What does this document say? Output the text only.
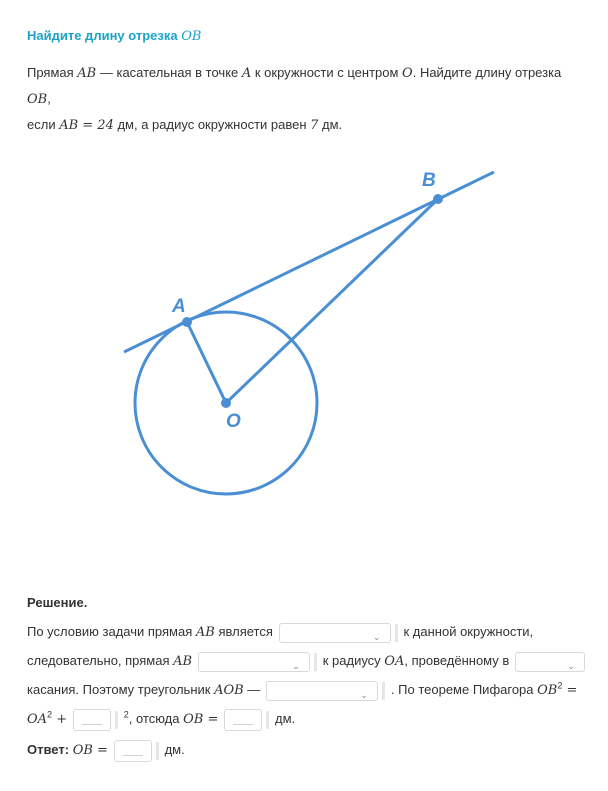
Найдите длину отрезка OB
Прямая AB — касательная в точке A к окружности с центром O. Найдите длину отрезка OB,
если AB = 24 дм, а радиус окружности равен 7 дм.
A
B
O
Решение.
По условию задачи прямая AB является	⌄ к данной окружности,
следовательно, прямая AB	⌄ к радиусу OA, проведённому в	⌄
касания. Поэтому треугольник AOB —	⌄ . По теореме Пифагора $OB^2$ =
$OA^2$ +	$^2$, отсюда OB =	дм.
Ответ: OB =	дм.
